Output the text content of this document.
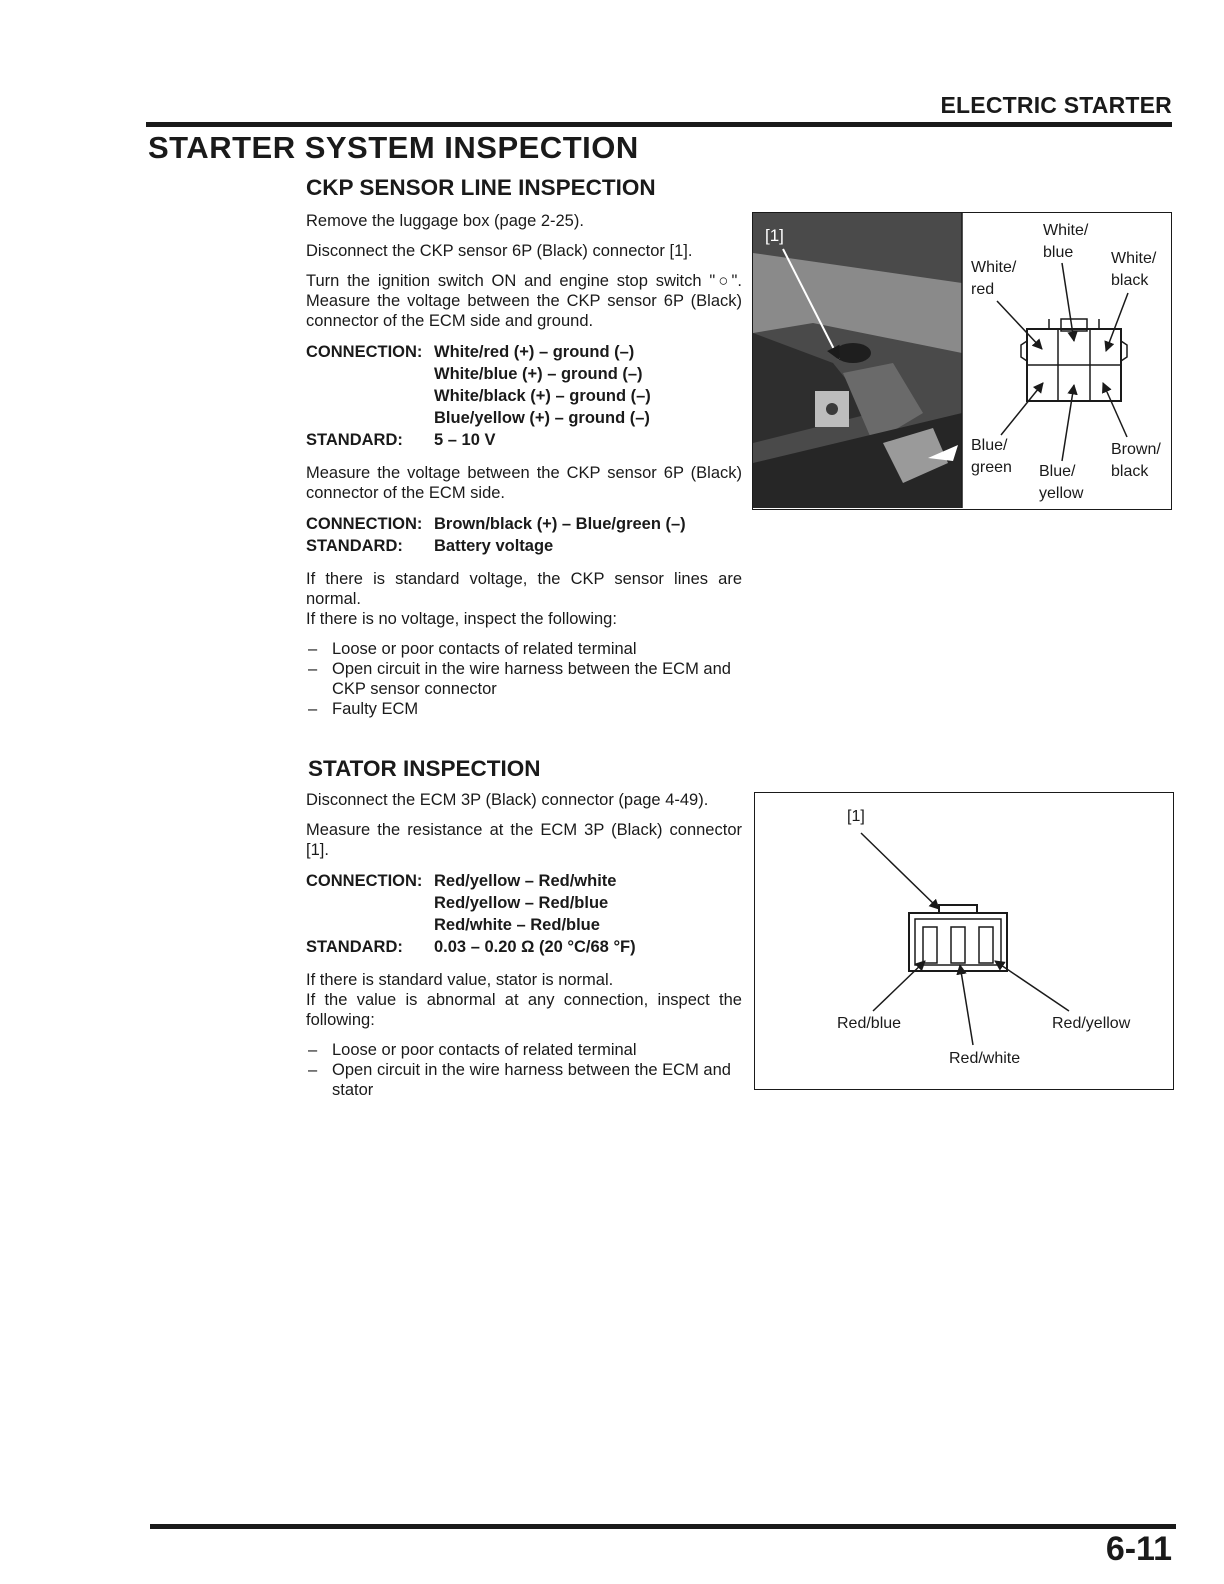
ELECTRIC STARTER
STARTER SYSTEM INSPECTION
CKP SENSOR LINE INSPECTION

Remove the luggage box (page 2-25).

Disconnect the CKP sensor 6P (Black) connector [1].

Turn the ignition switch ON and engine stop switch "○". Measure the voltage between the CKP sensor 6P (Black) connector of the ECM side and ground.

CONNECTION: White/red (+) – ground (–)
White/blue (+) – ground (–)
White/black (+) – ground (–)
Blue/yellow (+) – ground (–)
STANDARD:	5 – 10 V

Measure the voltage between the CKP sensor 6P (Black) connector of the ECM side.

CONNECTION: Brown/black (+) – Blue/green (–)
STANDARD:	Battery voltage

If there is standard voltage, the CKP sensor lines are normal.

If there is no voltage, inspect the following:

– Loose or poor contacts of related terminal
– Open circuit in the wire harness between the ECM and CKP sensor connector
– Faulty ECM
[1]
White/
red
White/
blue White/
black
Blue/
green Blue/
yellow
Brown/
black
STATOR INSPECTION

Disconnect the ECM 3P (Black) connector (page 4-49).

Measure the resistance at the ECM 3P (Black) connector [1].

CONNECTION: Red/yellow – Red/white
Red/yellow – Red/blue
Red/white – Red/blue
STANDARD:	0.03 – 0.20 Ω (20 °C/68 °F)

If there is standard value, stator is normal.

If the value is abnormal at any connection, inspect the following:

– Loose or poor contacts of related terminal
– Open circuit in the wire harness between the ECM and stator
[1]
Red/blue
Red/white
Red/yellow
6-11
